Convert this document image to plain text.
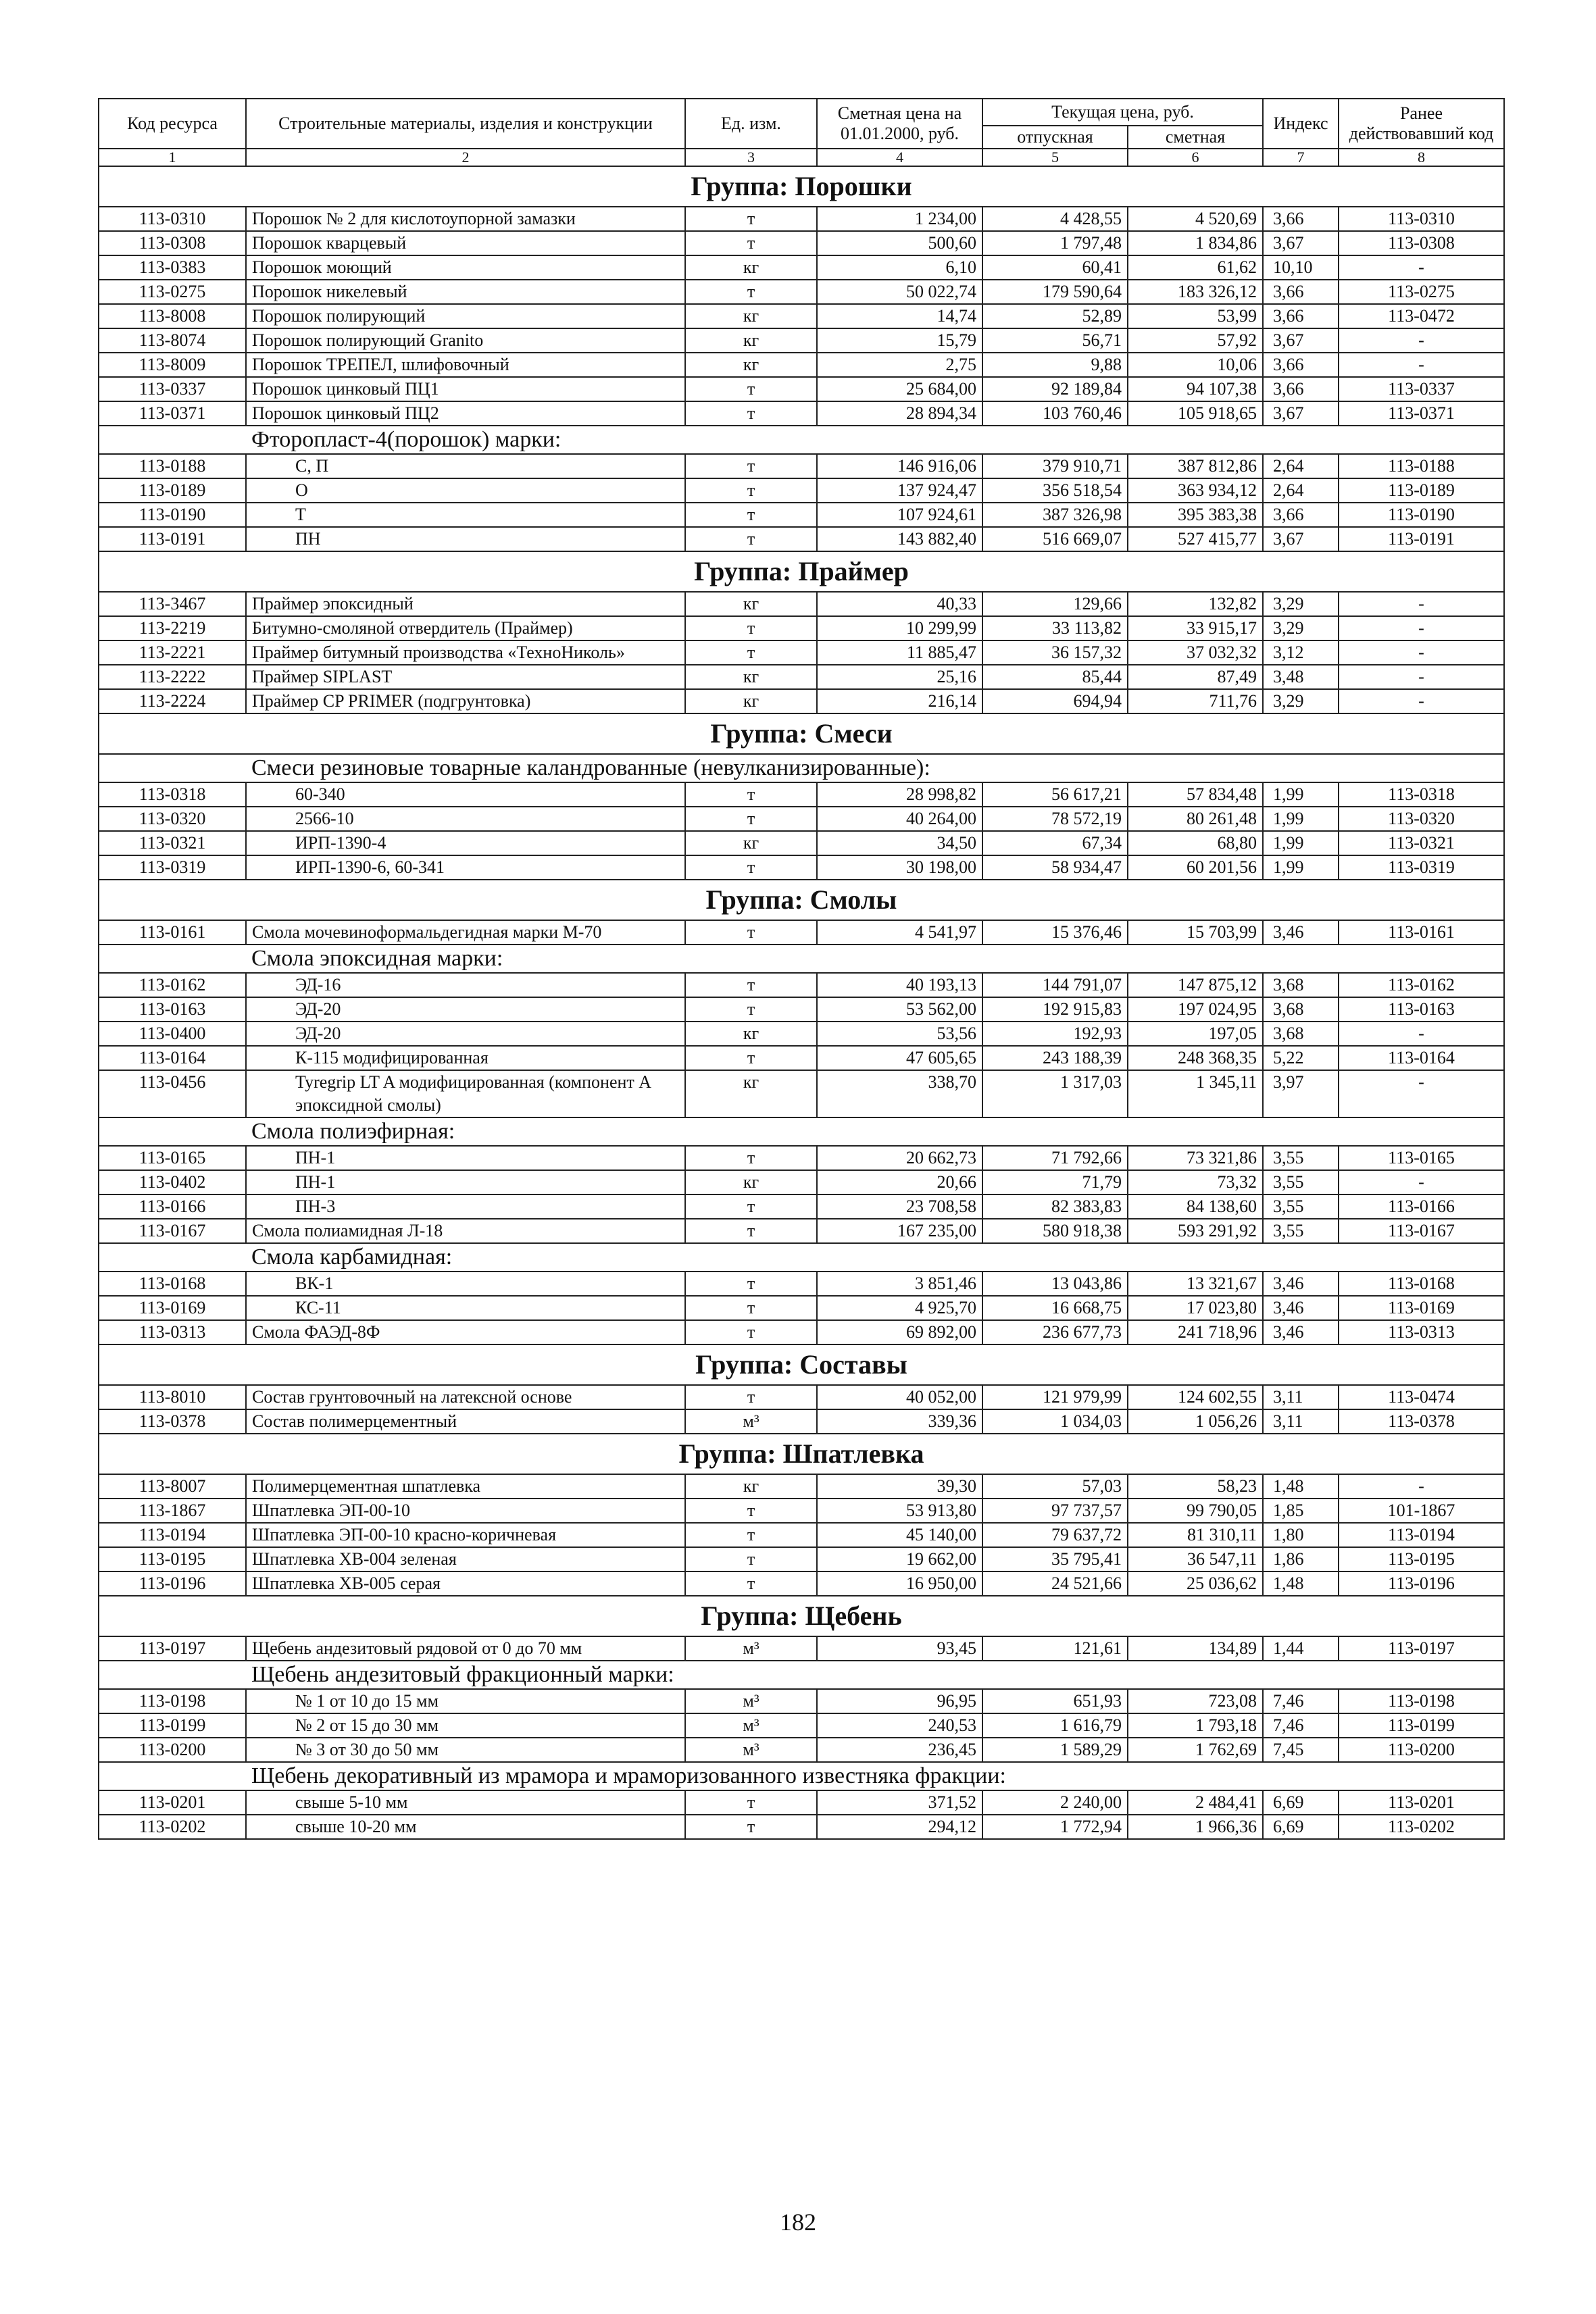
Код ресурса	Строительные материалы, изделия и конструкции	Ед. изм.	Сметная цена на 01.01.2000, руб.	Текущая цена, руб.		Индекс	Ранее действовавший код
				отпускная	сметная		
1	2	3	4	5	6	7	8
Группа: Порошки							
113-0310	Порошок № 2 для кислотоупорной замазки	т	1 234,00	4 428,55	4 520,69	3,66	113-0310
113-0308	Порошок кварцевый	т	500,60	1 797,48	1 834,86	3,67	113-0308
113-0383	Порошок моющий	кг	6,10	60,41	61,62	10,10	-
113-0275	Порошок никелевый	т	50 022,74	179 590,64	183 326,12	3,66	113-0275
113-8008	Порошок полирующий	кг	14,74	52,89	53,99	3,66	113-0472
113-8074	Порошок полирующий Granito	кг	15,79	56,71	57,92	3,67	-
113-8009	Порошок ТРЕПЕЛ, шлифовочный	кг	2,75	9,88	10,06	3,66	-
113-0337	Порошок цинковый ПЦ1	т	25 684,00	92 189,84	94 107,38	3,66	113-0337
113-0371	Порошок цинковый ПЦ2	т	28 894,34	103 760,46	105 918,65	3,67	113-0371
Фторопласт-4(порошок) марки:							
113-0188	С, П	т	146 916,06	379 910,71	387 812,86	2,64	113-0188
113-0189	О	т	137 924,47	356 518,54	363 934,12	2,64	113-0189
113-0190	Т	т	107 924,61	387 326,98	395 383,38	3,66	113-0190
113-0191	ПН	т	143 882,40	516 669,07	527 415,77	3,67	113-0191
Группа: Праймер							
113-3467	Праймер эпоксидный	кг	40,33	129,66	132,82	3,29	-
113-2219	Битумно-смоляной отвердитель (Праймер)	т	10 299,99	33 113,82	33 915,17	3,29	-
113-2221	Праймер битумный производства «ТехноНиколь»	т	11 885,47	36 157,32	37 032,32	3,12	-
113-2222	Праймер SIPLAST	кг	25,16	85,44	87,49	3,48	-
113-2224	Праймер CP PRIMER (подгрунтовка)	кг	216,14	694,94	711,76	3,29	-
Группа: Смеси							
Смеси резиновые товарные каландрованные (невулканизированные):							
113-0318	60-340	т	28 998,82	56 617,21	57 834,48	1,99	113-0318
113-0320	2566-10	т	40 264,00	78 572,19	80 261,48	1,99	113-0320
113-0321	ИРП-1390-4	кг	34,50	67,34	68,80	1,99	113-0321
113-0319	ИРП-1390-6, 60-341	т	30 198,00	58 934,47	60 201,56	1,99	113-0319
Группа: Смолы							
113-0161	Смола мочевиноформальдегидная марки М-70	т	4 541,97	15 376,46	15 703,99	3,46	113-0161
Смола эпоксидная марки:							
113-0162	ЭД-16	т	40 193,13	144 791,07	147 875,12	3,68	113-0162
113-0163	ЭД-20	т	53 562,00	192 915,83	197 024,95	3,68	113-0163
113-0400	ЭД-20	кг	53,56	192,93	197,05	3,68	-
113-0164	К-115 модифицированная	т	47 605,65	243 188,39	248 368,35	5,22	113-0164
113-0456	Tyregrip LT A модифицированная (компонент А эпоксидной смолы)	кг	338,70	1 317,03	1 345,11	3,97	-
Смола полиэфирная:							
113-0165	ПН-1	т	20 662,73	71 792,66	73 321,86	3,55	113-0165
113-0402	ПН-1	кг	20,66	71,79	73,32	3,55	-
113-0166	ПН-3	т	23 708,58	82 383,83	84 138,60	3,55	113-0166
113-0167	Смола полиамидная Л-18	т	167 235,00	580 918,38	593 291,92	3,55	113-0167
Смола карбамидная:							
113-0168	ВК-1	т	3 851,46	13 043,86	13 321,67	3,46	113-0168
113-0169	КС-11	т	4 925,70	16 668,75	17 023,80	3,46	113-0169
113-0313	Смола ФАЭД-8Ф	т	69 892,00	236 677,73	241 718,96	3,46	113-0313
Группа: Составы							
113-8010	Состав грунтовочный на латексной основе	т	40 052,00	121 979,99	124 602,55	3,11	113-0474
113-0378	Состав полимерцементный	м³	339,36	1 034,03	1 056,26	3,11	113-0378
Группа: Шпатлевка							
113-8007	Полимерцементная шпатлевка	кг	39,30	57,03	58,23	1,48	-
113-1867	Шпатлевка ЭП-00-10	т	53 913,80	97 737,57	99 790,05	1,85	101-1867
113-0194	Шпатлевка ЭП-00-10 красно-коричневая	т	45 140,00	79 637,72	81 310,11	1,80	113-0194
113-0195	Шпатлевка ХВ-004 зеленая	т	19 662,00	35 795,41	36 547,11	1,86	113-0195
113-0196	Шпатлевка ХВ-005 серая	т	16 950,00	24 521,66	25 036,62	1,48	113-0196
Группа: Щебень							
113-0197	Щебень андезитовый рядовой от 0 до 70 мм	м³	93,45	121,61	134,89	1,44	113-0197
Щебень андезитовый фракционный марки:							
113-0198	№ 1 от 10 до 15 мм	м³	96,95	651,93	723,08	7,46	113-0198
113-0199	№ 2 от 15 до 30 мм	м³	240,53	1 616,79	1 793,18	7,46	113-0199
113-0200	№ 3 от 30 до 50 мм	м³	236,45	1 589,29	1 762,69	7,45	113-0200
Щебень декоративный из мрамора и мраморизованного известняка фракции:							
113-0201	свыше 5-10 мм	т	371,52	2 240,00	2 484,41	6,69	113-0201
113-0202	свыше 10-20 мм	т	294,12	1 772,94	1 966,36	6,69	113-0202
182
